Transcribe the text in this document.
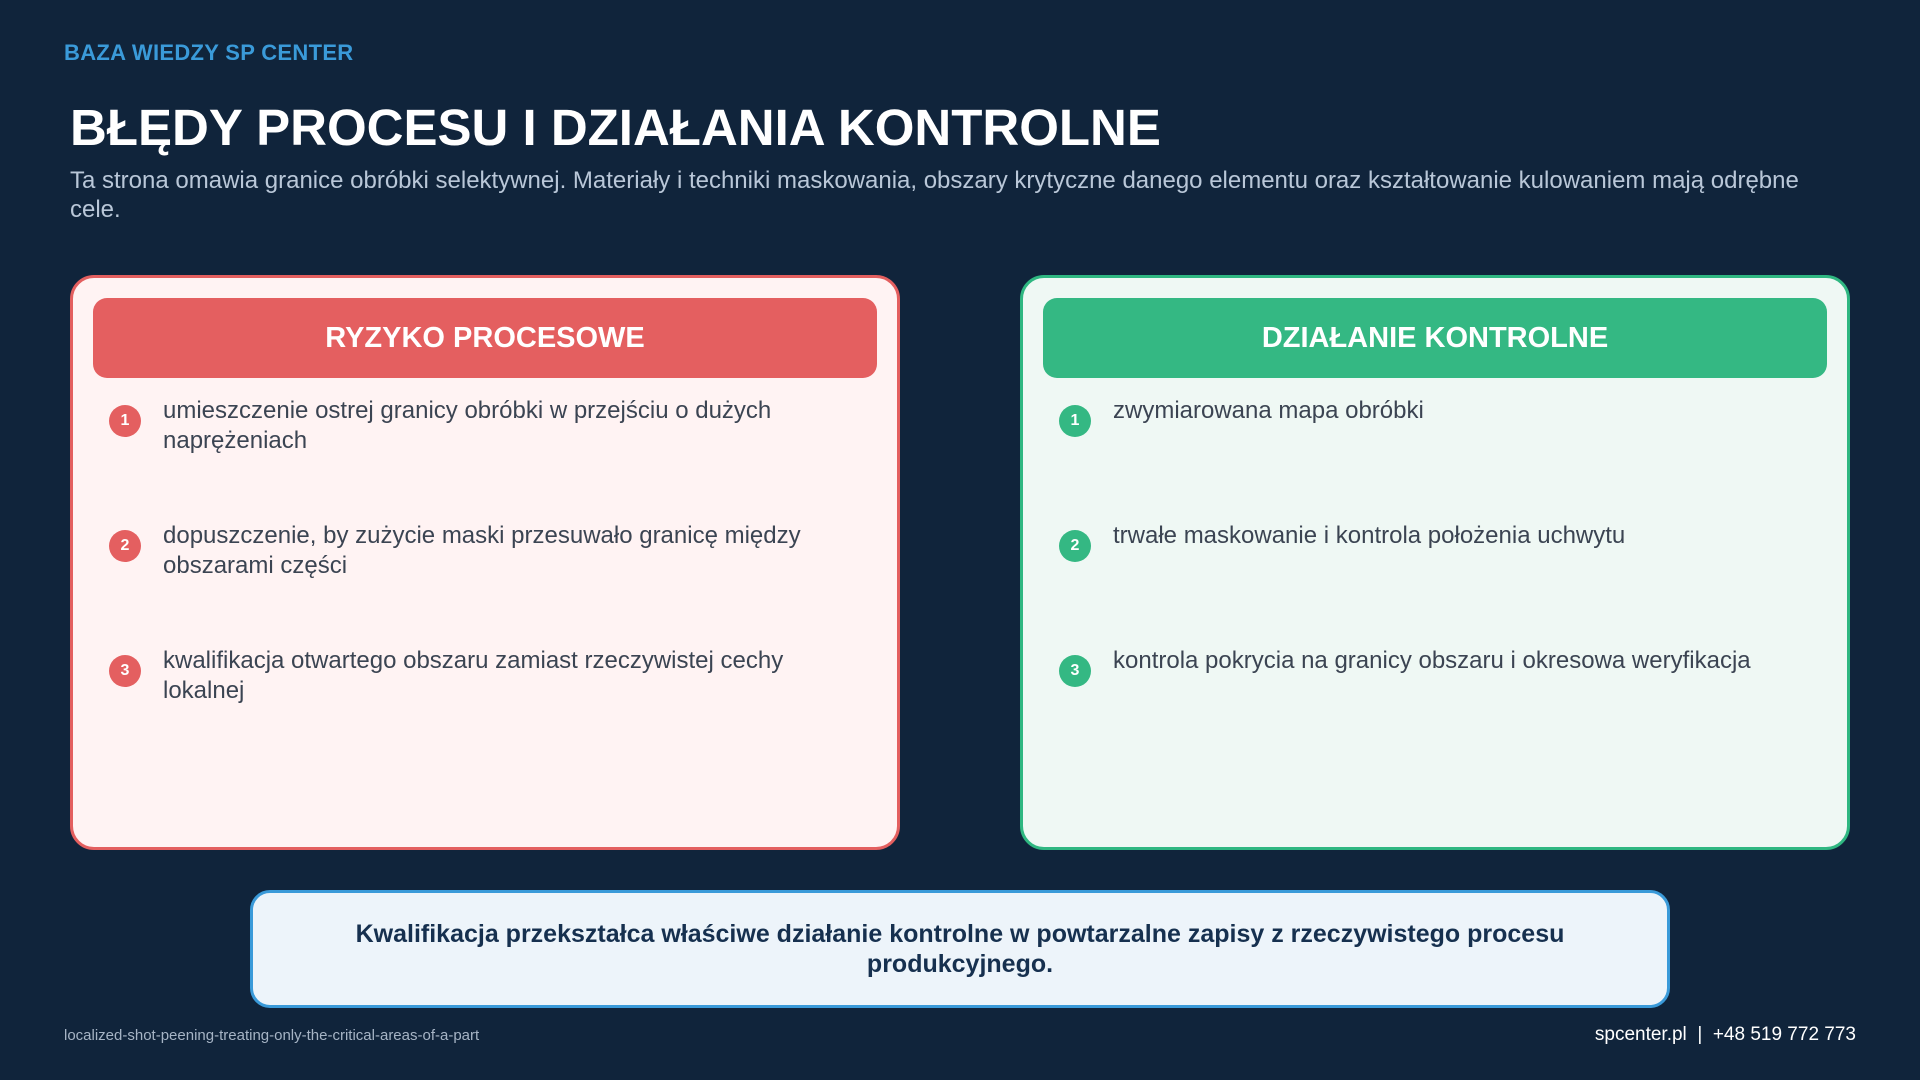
BAZA WIEDZY SP CENTER
BŁĘDY PROCESU I DZIAŁANIA KONTROLNE

Ta strona omawia granice obróbki selektywnej. Materiały i techniki maskowania, obszary krytyczne danego elementu oraz kształtowanie kulowaniem mają odrębne cele.

RYZYKO PROCESOWE
1	umieszczenie ostrej granicy obróbki w przejściu o dużych naprężeniach
2	dopuszczenie, by zużycie maski przesuwało granicę między obszarami części
3	kwalifikacja otwartego obszaru zamiast rzeczywistej cechy lokalnej
DZIAŁANIE KONTROLNE
1	zwymiarowana mapa obróbki
2	trwałe maskowanie i kontrola położenia uchwytu
3	kontrola pokrycia na granicy obszaru i okresowa weryfikacja
Kwalifikacja przekształca właściwe działanie kontrolne w powtarzalne zapisy z rzeczywistego procesu produkcyjnego.
localized-shot-peening-treating-only-the-critical-areas-of-a-part	spcenter.pl  |  +48 519 772 773
